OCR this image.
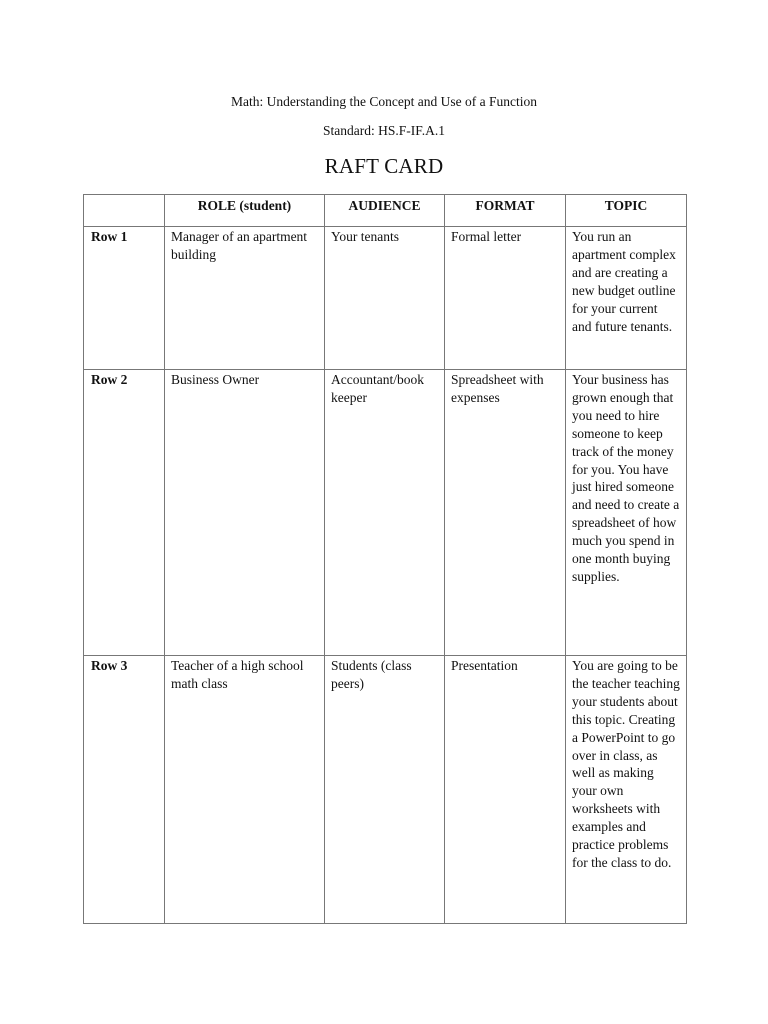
Math: Understanding the Concept and Use of a Function

Standard: HS.F-IF.A.1

RAFT CARD
	ROLE (student)	AUDIENCE	FORMAT	TOPIC
Row 1	Manager of an apartment building	Your tenants	Formal letter	You run an apartment complex and are creating a new budget outline for your current and future tenants.
Row 2	Business Owner	Accountant/book keeper	Spreadsheet with expenses	Your business has grown enough that you need to hire someone to keep track of the money for you. You have just hired someone and need to create a spreadsheet of how much you spend in one month buying supplies.
Row 3	Teacher of a high school math class	Students (class peers)	Presentation	You are going to be the teacher teaching your students about this topic. Creating a PowerPoint to go over in class, as well as making your own worksheets with examples and practice problems for the class to do.
